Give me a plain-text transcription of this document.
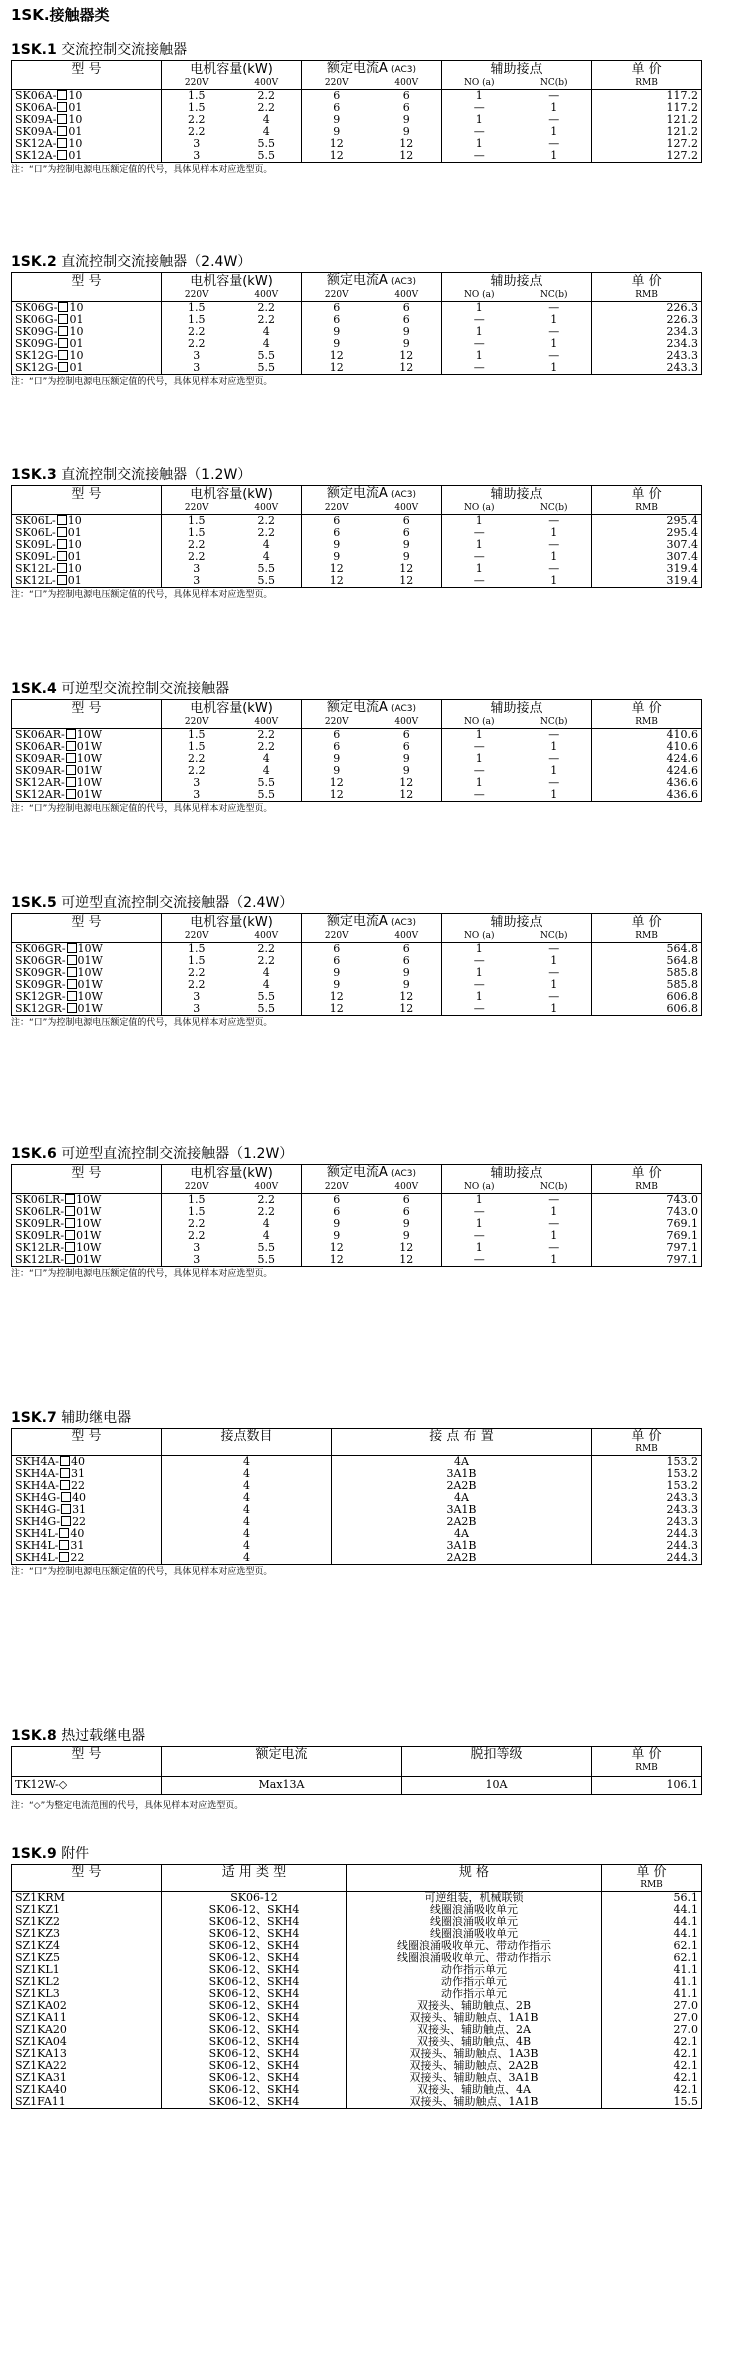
1SK.接触器类
1SK.1 交流控制交流接触器
型 号	电机容量(kW)		额定电流A (AC3)		辅助接点		单 价
	220V	400V	220V	400V	NO (a)	NC(b)	RMB
SK06A- 10	1.5	2.2	6	6	1	—	117.2
SK06A- 01	1.5	2.2	6	6	—	1	117.2
SK09A- 10	2.2	4	9	9	1	—	121.2
SK09A- 01	2.2	4	9	9	—	1	121.2
SK12A- 10	3	5.5	12	12	1	—	127.2
SK12A- 01	3	5.5	12	12	—	1	127.2
注：“口”为控制电源电压额定值的代号，具体见样本对应选型页。
1SK.2 直流控制交流接触器（2.4W）
型 号	电机容量(kW)		额定电流A (AC3)		辅助接点		单 价
	220V	400V	220V	400V	NO (a)	NC(b)	RMB
SK06G- 10	1.5	2.2	6	6	1	—	226.3
SK06G- 01	1.5	2.2	6	6	—	1	226.3
SK09G- 10	2.2	4	9	9	1	—	234.3
SK09G- 01	2.2	4	9	9	—	1	234.3
SK12G- 10	3	5.5	12	12	1	—	243.3
SK12G- 01	3	5.5	12	12	—	1	243.3
注：“口”为控制电源电压额定值的代号，具体见样本对应选型页。
1SK.3 直流控制交流接触器（1.2W）
型 号	电机容量(kW)		额定电流A (AC3)		辅助接点		单 价
	220V	400V	220V	400V	NO (a)	NC(b)	RMB
SK06L- 10	1.5	2.2	6	6	1	—	295.4
SK06L- 01	1.5	2.2	6	6	—	1	295.4
SK09L- 10	2.2	4	9	9	1	—	307.4
SK09L- 01	2.2	4	9	9	—	1	307.4
SK12L- 10	3	5.5	12	12	1	—	319.4
SK12L- 01	3	5.5	12	12	—	1	319.4
注：“口”为控制电源电压额定值的代号，具体见样本对应选型页。
1SK.4 可逆型交流控制交流接触器
型 号	电机容量(kW)		额定电流A (AC3)		辅助接点		单 价
	220V	400V	220V	400V	NO (a)	NC(b)	RMB
SK06AR- 10W	1.5	2.2	6	6	1	—	410.6
SK06AR- 01W	1.5	2.2	6	6	—	1	410.6
SK09AR- 10W	2.2	4	9	9	1	—	424.6
SK09AR- 01W	2.2	4	9	9	—	1	424.6
SK12AR- 10W	3	5.5	12	12	1	—	436.6
SK12AR- 01W	3	5.5	12	12	—	1	436.6
注：“口”为控制电源电压额定值的代号，具体见样本对应选型页。
1SK.5 可逆型直流控制交流接触器（2.4W）
型 号	电机容量(kW)		额定电流A (AC3)		辅助接点		单 价
	220V	400V	220V	400V	NO (a)	NC(b)	RMB
SK06GR- 10W	1.5	2.2	6	6	1	—	564.8
SK06GR- 01W	1.5	2.2	6	6	—	1	564.8
SK09GR- 10W	2.2	4	9	9	1	—	585.8
SK09GR- 01W	2.2	4	9	9	—	1	585.8
SK12GR- 10W	3	5.5	12	12	1	—	606.8
SK12GR- 01W	3	5.5	12	12	—	1	606.8
注：“口”为控制电源电压额定值的代号，具体见样本对应选型页。
1SK.6 可逆型直流控制交流接触器（1.2W）
型 号	电机容量(kW)		额定电流A (AC3)		辅助接点		单 价
	220V	400V	220V	400V	NO (a)	NC(b)	RMB
SK06LR- 10W	1.5	2.2	6	6	1	—	743.0
SK06LR- 01W	1.5	2.2	6	6	—	1	743.0
SK09LR- 10W	2.2	4	9	9	1	—	769.1
SK09LR- 01W	2.2	4	9	9	—	1	769.1
SK12LR- 10W	3	5.5	12	12	1	—	797.1
SK12LR- 01W	3	5.5	12	12	—	1	797.1
注：“口”为控制电源电压额定值的代号，具体见样本对应选型页。
1SK.7 辅助继电器
型 号	接点数目	接 点 布 置	单 价
			RMB
SKH4A- 40	4	4A	153.2
SKH4A- 31	4	3A1B	153.2
SKH4A- 22	4	2A2B	153.2
SKH4G- 40	4	4A	243.3
SKH4G- 31	4	3A1B	243.3
SKH4G- 22	4	2A2B	243.3
SKH4L- 40	4	4A	244.3
SKH4L- 31	4	3A1B	244.3
SKH4L- 22	4	2A2B	244.3
注：“口”为控制电源电压额定值的代号，具体见样本对应选型页。
1SK.8 热过载继电器
型 号	额定电流	脱扣等级	单 价
			RMB
TK12W-◇	Max13A	10A	106.1
注：“◇”为整定电流范围的代号，具体见样本对应选型页。
1SK.9 附件
型 号	适 用 类 型	规 格	单 价
			RMB
SZ1KRM	SK06-12	可逆组装，机械联锁	56.1
SZ1KZ1	SK06-12、SKH4	线圈浪涌吸收单元	44.1
SZ1KZ2	SK06-12、SKH4	线圈浪涌吸收单元	44.1
SZ1KZ3	SK06-12、SKH4	线圈浪涌吸收单元	44.1
SZ1KZ4	SK06-12、SKH4	线圈浪涌吸收单元、带动作指示	62.1
SZ1KZ5	SK06-12、SKH4	线圈浪涌吸收单元、带动作指示	62.1
SZ1KL1	SK06-12、SKH4	动作指示单元	41.1
SZ1KL2	SK06-12、SKH4	动作指示单元	41.1
SZ1KL3	SK06-12、SKH4	动作指示单元	41.1
SZ1KA02	SK06-12、SKH4	双接头、辅助触点、2B	27.0
SZ1KA11	SK06-12、SKH4	双接头、辅助触点、1A1B	27.0
SZ1KA20	SK06-12、SKH4	双接头、辅助触点、2A	27.0
SZ1KA04	SK06-12、SKH4	双接头、辅助触点、4B	42.1
SZ1KA13	SK06-12、SKH4	双接头、辅助触点、1A3B	42.1
SZ1KA22	SK06-12、SKH4	双接头、辅助触点、2A2B	42.1
SZ1KA31	SK06-12、SKH4	双接头、辅助触点、3A1B	42.1
SZ1KA40	SK06-12、SKH4	双接头、辅助触点、4A	42.1
SZ1FA11	SK06-12、SKH4	双接头、辅助触点、1A1B	15.5
